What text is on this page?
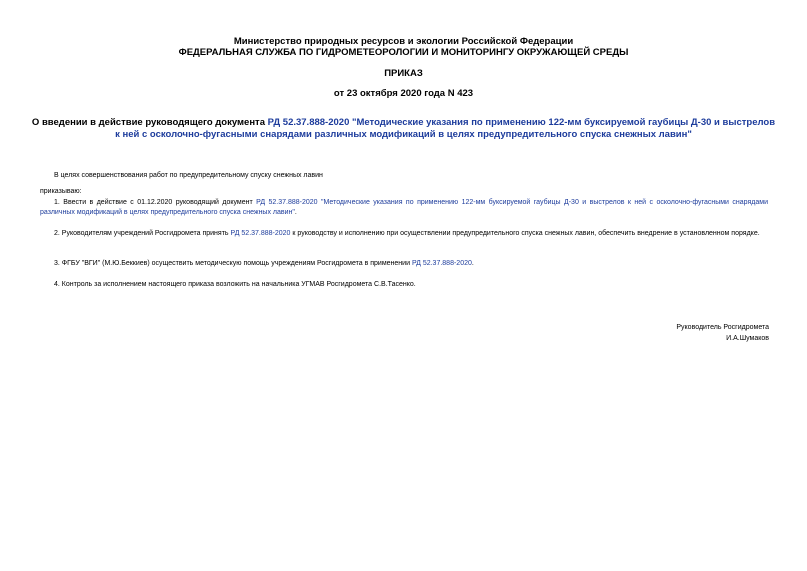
Министерство природных ресурсов и экологии Российской Федерации
ФЕДЕРАЛЬНАЯ СЛУЖБА ПО ГИДРОМЕТЕОРОЛОГИИ И МОНИТОРИНГУ ОКРУЖАЮЩЕЙ СРЕДЫ
ПРИКАЗ
от 23 октября 2020 года N 423
О введении в действие руководящего документа РД 52.37.888-2020 "Методические указания по применению 122-мм буксируемой гаубицы Д-30 и выстрелов к ней с осколочно-фугасными снарядами различных модификаций в целях предупредительного спуска снежных лавин"
В целях совершенствования работ по предупредительному спуску снежных лавин
приказываю:
1. Ввести в действие с 01.12.2020 руководящий документ РД 52.37.888-2020 "Методические указания по применению 122-мм буксируемой гаубицы Д-30 и выстрелов к ней с осколочно-фугасными снарядами различных модификаций в целях предупредительного спуска снежных лавин".
2. Руководителям учреждений Росгидромета принять РД 52.37.888-2020 к руководству и исполнению при осуществлении предупредительного спуска снежных лавин, обеспечить внедрение в установленном порядке.
3. ФГБУ "ВГИ" (М.Ю.Беккиев) осуществить методическую помощь учреждениям Росгидромета в применении РД 52.37.888-2020.
4. Контроль за исполнением настоящего приказа возложить на начальника УГМАВ Росгидромета С.В.Тасенко.
Руководитель Росгидромета
И.А.Шумаков
